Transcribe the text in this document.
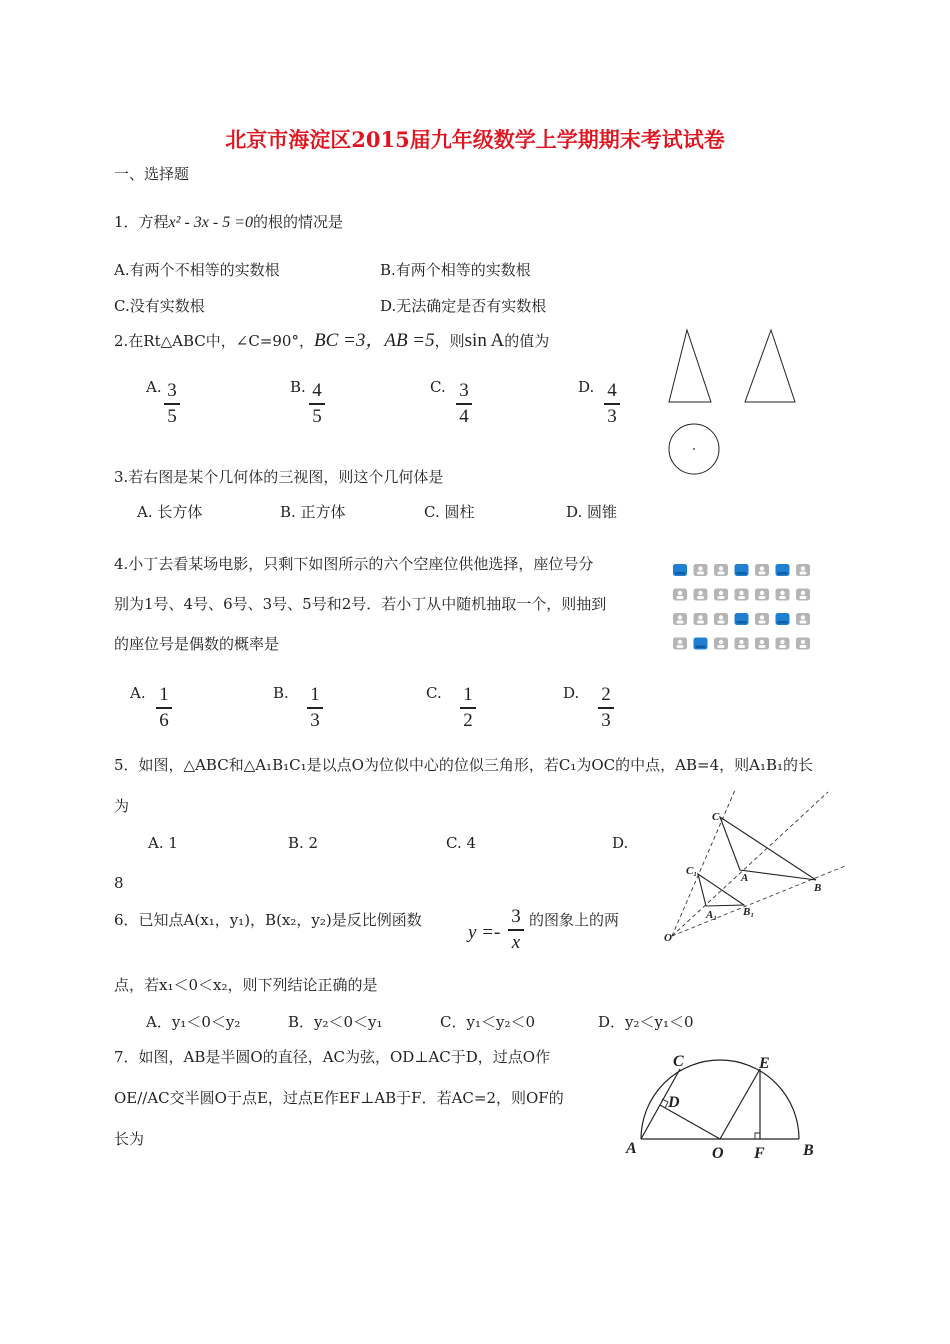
北京市海淀区2015届九年级数学上学期期末考试试卷
一、选择题
1．方程x² - 3x - 5 =0的根的情况是
A.有两个不相等的实数根	B.有两个相等的实数根
C.没有实数根	D.无法确定是否有实数根
2.在Rt△ABC中，∠C=90°，BC =3，AB =5，则sin A的值为
A. 3
5
B. 4
5
C. 3
4
D. 4
3
3.若右图是某个几何体的三视图，则这个几何体是
A. 长方体	B. 正方体	C. 圆柱	D. 圆锥
4.小丁去看某场电影，只剩下如图所示的六个空座位供他选择，座位号分
别为1号、4号、6号、3号、5号和2号．若小丁从中随机抽取一个，则抽到
的座位号是偶数的概率是
A. 1
6
B. 1
3
C. 1
2
D. 2
3
5．如图，△ABC和△A₁B₁C₁是以点O为位似中心的位似三角形，若C₁为OC的中点，AB=4，则A₁B₁的长
为
A. 1	B. 2	C. 4	D.
8
C
C₁
A
A₁
B
B₁
O
6．已知点A(x₁，y₁)，B(x₂，y₂)是反比例函数
y =-
3
x
的图象上的两
点，若x₁＜0＜x₂，则下列结论正确的是
A．y₁＜0＜y₂	B．y₂＜0＜y₁	C．y₁＜y₂＜0	D．y₂＜y₁＜0
7．如图，AB是半圆O的直径，AC为弦，OD⊥AC于D，过点O作
OE//AC交半圆O于点E，过点E作EF⊥AB于F．若AC=2，则OF的
长为
C	E
D
A	O F B
